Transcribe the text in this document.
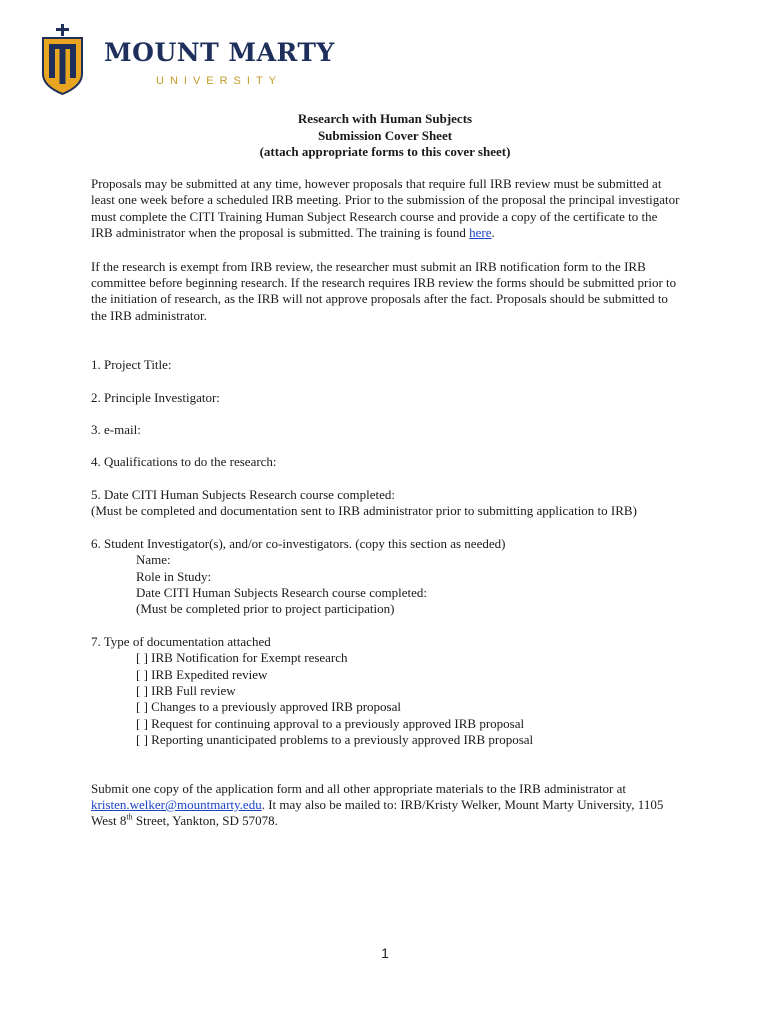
MOUNT MARTY
UNIVERSITY
Research with Human Subjects
Submission Cover Sheet
(attach appropriate forms to this cover sheet)

Proposals may be submitted at any time, however proposals that require full IRB review must be submitted at least one week before a scheduled IRB meeting. Prior to the submission of the proposal the principal investigator must complete the CITI Training Human Subject Research course and provide a copy of the certificate to the IRB administrator when the proposal is submitted. The training is found here.

If the research is exempt from IRB review, the researcher must submit an IRB notification form to the IRB committee before beginning research. If the research requires IRB review the forms should be submitted prior to the initiation of research, as the IRB will not approve proposals after the fact. Proposals should be submitted to the IRB administrator.

1. Project Title:

2. Principle Investigator:

3. e-mail:

4. Qualifications to do the research:

5. Date CITI Human Subjects Research course completed:

(Must be completed and documentation sent to IRB administrator prior to submitting application to IRB)

6. Student Investigator(s), and/or co-investigators. (copy this section as needed)

Name:

Role in Study:

Date CITI Human Subjects Research course completed:

(Must be completed prior to project participation)

7. Type of documentation attached

[ ] IRB Notification for Exempt research

[ ] IRB Expedited review

[ ] IRB Full review

[ ] Changes to a previously approved IRB proposal

[ ] Request for continuing approval to a previously approved IRB proposal

[ ] Reporting unanticipated problems to a previously approved IRB proposal

Submit one copy of the application form and all other appropriate materials to the IRB administrator at kristen.welker@mountmarty.edu. It may also be mailed to: IRB/Kristy Welker, Mount Marty University, 1105 West 8th Street, Yankton, SD 57078.

1
